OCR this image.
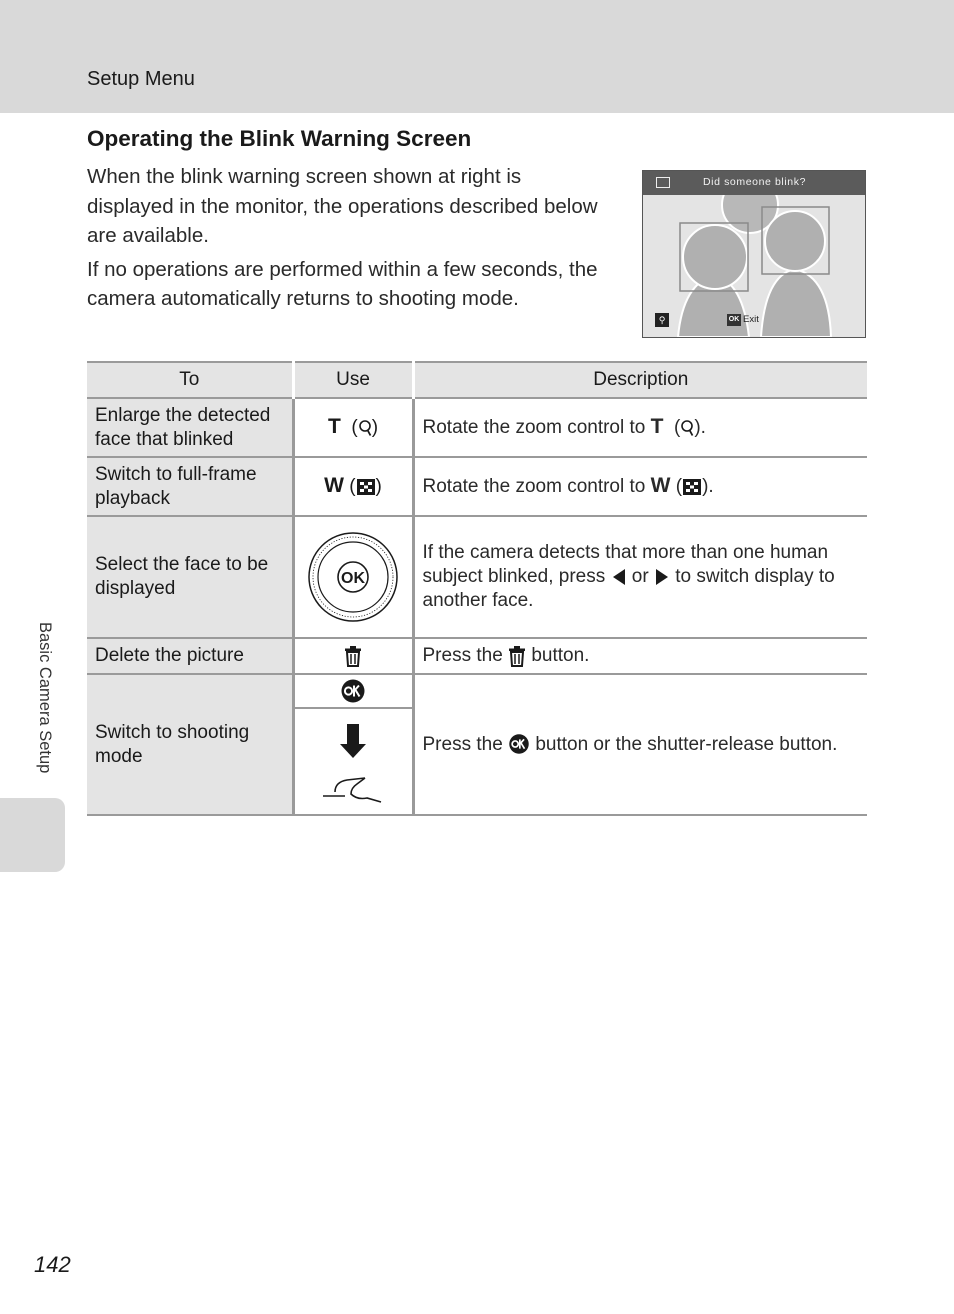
Setup Menu
Operating the Blink Warning Screen

When the blink warning screen shown at right is displayed in the monitor, the operations described below are available.

If no operations are performed within a few seconds, the camera automatically returns to shooting mode.

Did someone blink?
⚲	OK Exit
To	Use	Description
Enlarge the detected face that blinked	T  ( )	Rotate the zoom control to T  ( ).
Switch to full-frame playback	W ( )	Rotate the zoom control to W ( ).
Select the face to be displayed	OK	If the camera detects that more than one human subject blinked, press  or  to switch display to another face.
Delete the picture		Press the  button.
Switch to shooting mode		Press the  button or the shutter-release button.

Basic Camera Setup
142
